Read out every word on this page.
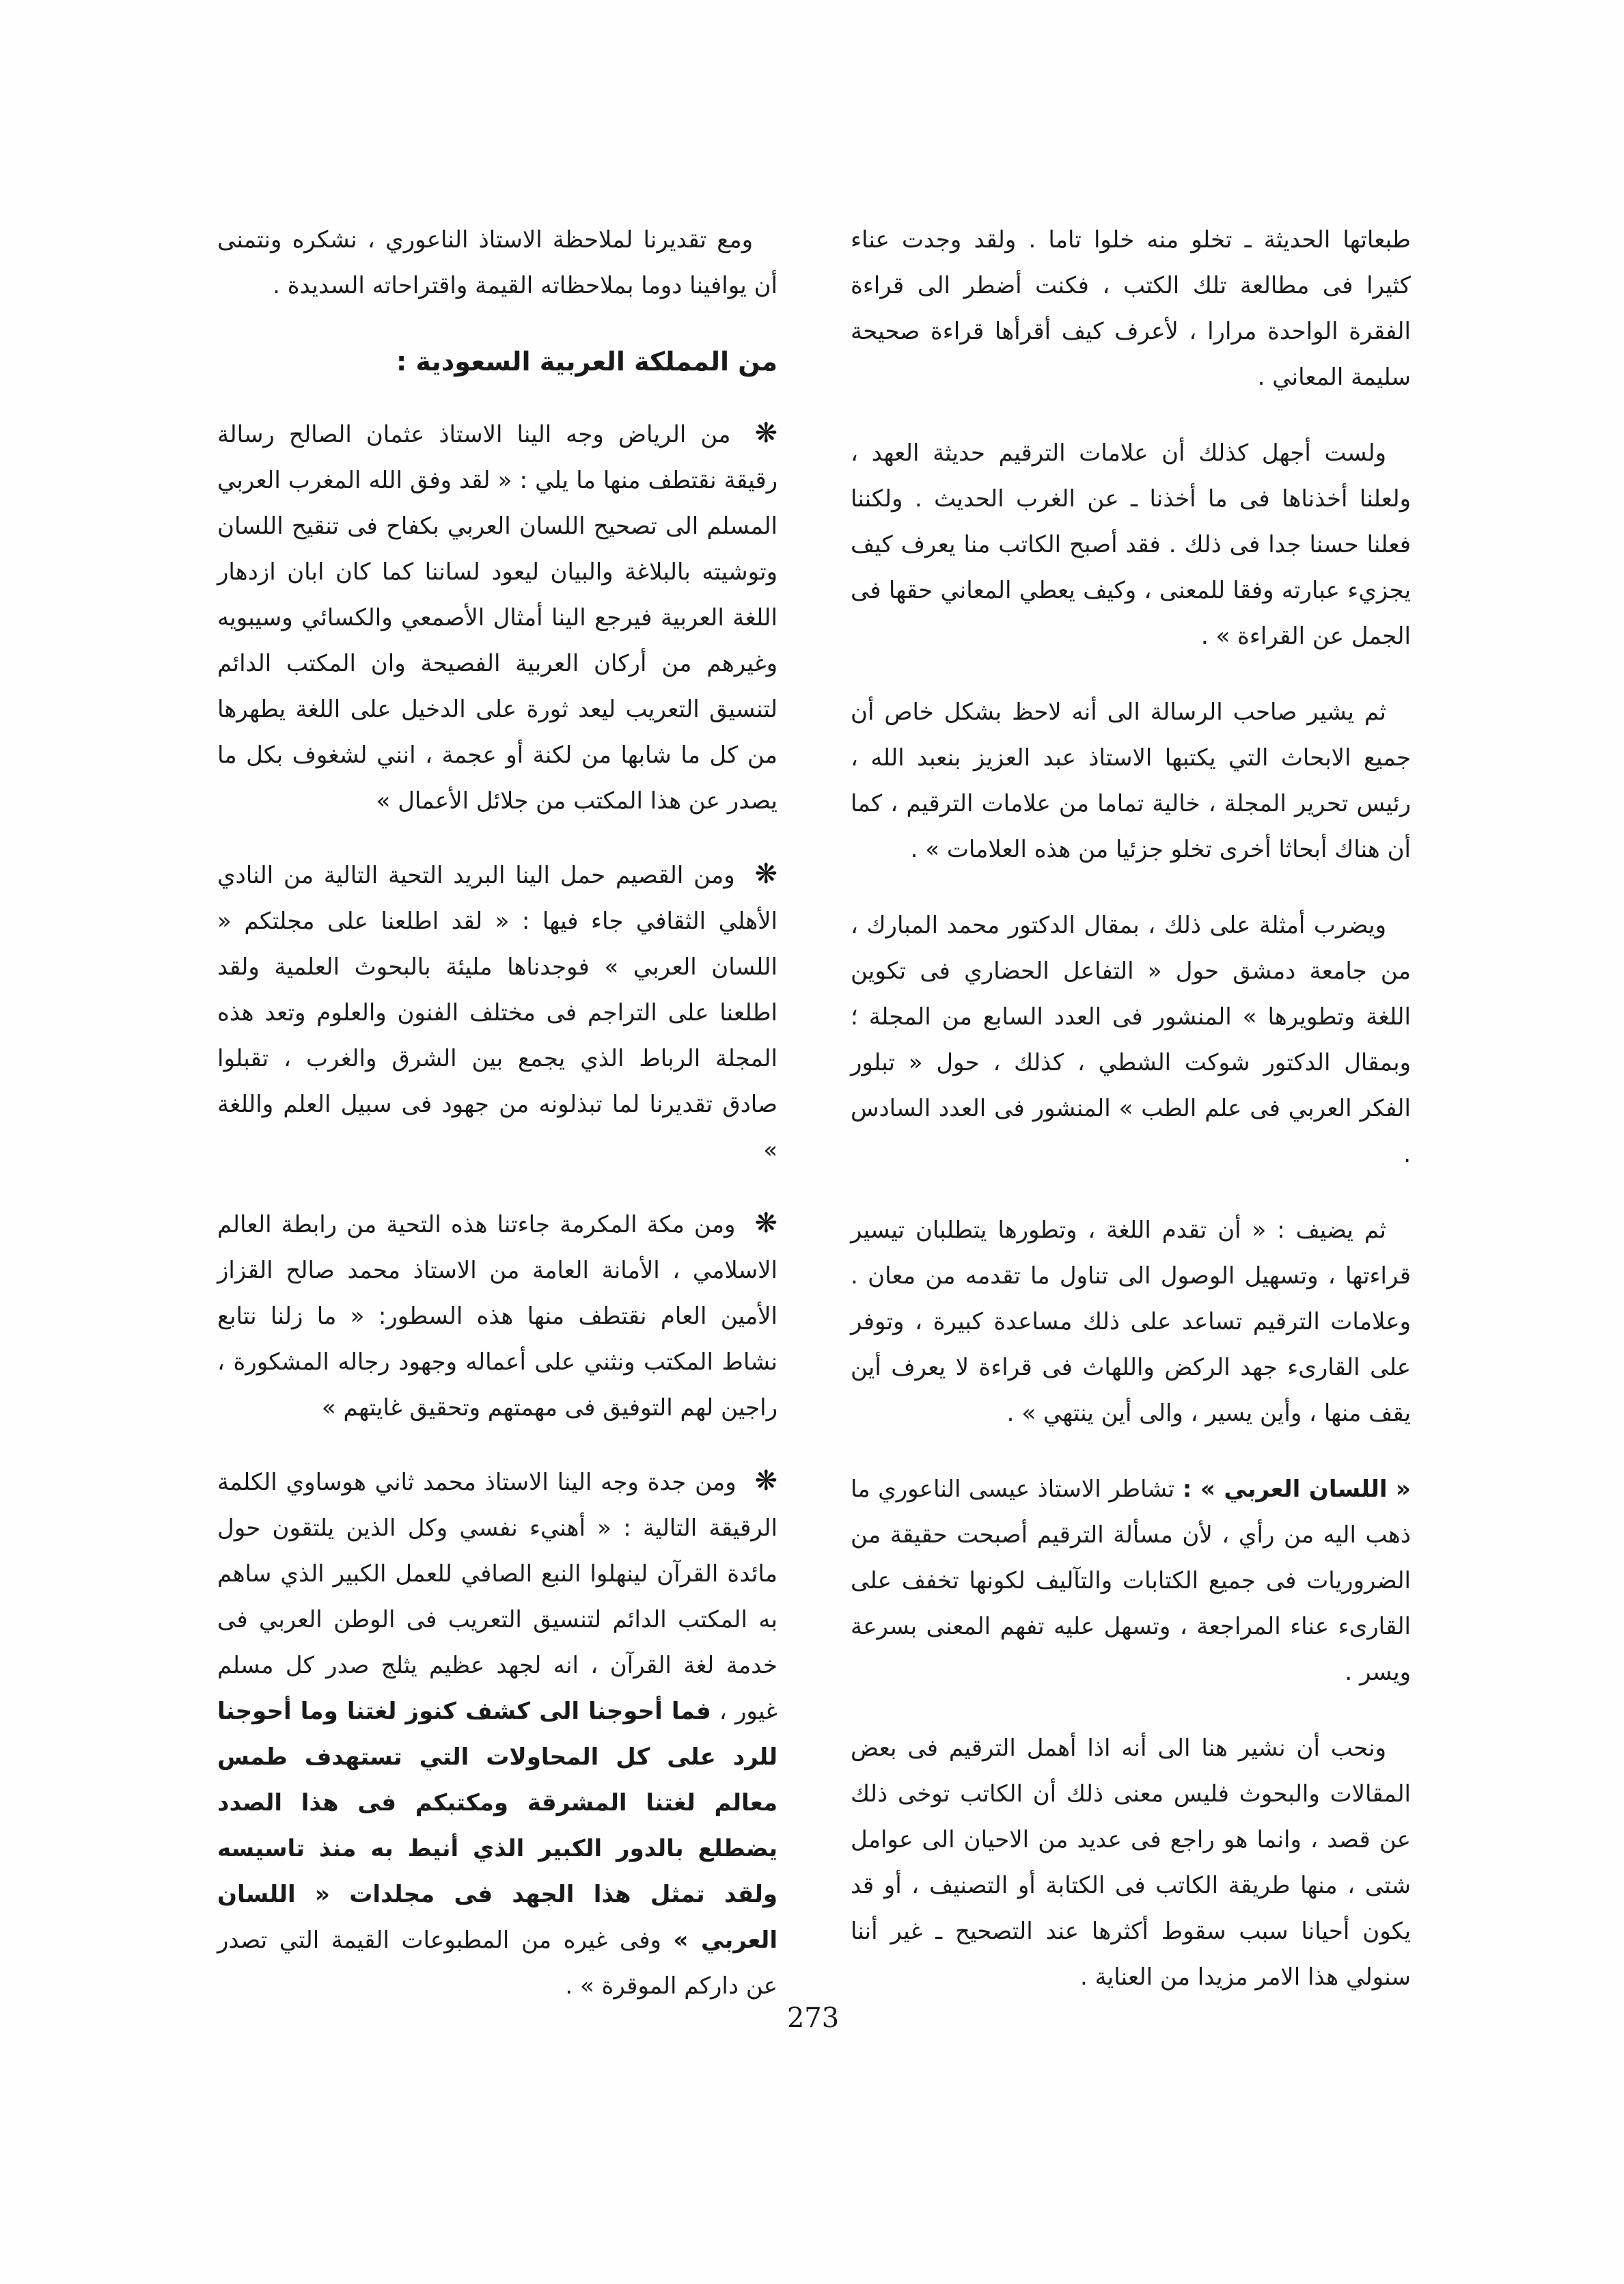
طبعاتها الحديثة ـ تخلو منه خلوا تاما . ولقد وجدت عناء كثيرا فى مطالعة تلك الكتب ، فكنت أضطر الى قراءة الفقرة الواحدة مرارا ، لأعرف كيف أقرأها قراءة صحيحة سليمة المعاني .

ولست أجهل كذلك أن علامات الترقيم حديثة العهد ، ولعلنا أخذناها فى ما أخذنا ـ عن الغرب الحديث . ولكننا فعلنا حسنا جدا فى ذلك . فقد أصبح الكاتب منا يعرف كيف يجزيء عبارته وفقا للمعنى ، وكيف يعطي المعاني حقها فى الجمل عن القراءة » .

ثم يشير صاحب الرسالة الى أنه لاحظ بشكل خاص أن جميع الابحاث التي يكتبها الاستاذ عبد العزيز بنعبد الله ، رئيس تحرير المجلة ، خالية تماما من علامات الترقيم ، كما أن هناك أبحاثا أخرى تخلو جزئيا من هذه العلامات » .

ويضرب أمثلة على ذلك ، بمقال الدكتور محمد المبارك ، من جامعة دمشق حول « التفاعل الحضاري فى تكوين اللغة وتطويرها » المنشور فى العدد السابع من المجلة ؛ وبمقال الدكتور شوكت الشطي ، كذلك ، حول « تبلور الفكر العربي فى علم الطب » المنشور فى العدد السادس .

ثم يضيف : « أن تقدم اللغة ، وتطورها يتطلبان تيسير قراءتها ، وتسهيل الوصول الى تناول ما تقدمه من معان . وعلامات الترقيم تساعد على ذلك مساعدة كبيرة ، وتوفر على القارىء جهد الركض واللهاث فى قراءة لا يعرف أين يقف منها ، وأين يسير ، والى أين ينتهي » .

« اللسان العربي » : تشاطر الاستاذ عيسى الناعوري ما ذهب اليه من رأي ، لأن مسألة الترقيم أصبحت حقيقة من الضروريات فى جميع الكتابات والتآليف لكونها تخفف على القارىء عناء المراجعة ، وتسهل عليه تفهم المعنى بسرعة ويسر .

ونحب أن نشير هنا الى أنه اذا أهمل الترقيم فى بعض المقالات والبحوث فليس معنى ذلك أن الكاتب توخى ذلك عن قصد ، وانما هو راجع فى عديد من الاحيان الى عوامل شتى ، منها طريقة الكاتب فى الكتابة أو التصنيف ، أو قد يكون أحيانا سبب سقوط أكثرها عند التصحيح ـ غير أننا سنولي هذا الامر مزيدا من العناية .

ومع تقديرنا لملاحظة الاستاذ الناعوري ، نشكره ونتمنى أن يوافينا دوما بملاحظاته القيمة واقتراحاته السديدة .

من المملكة العربية السعودية :

❋ من الرياض وجه الينا الاستاذ عثمان الصالح رسالة رقيقة نقتطف منها ما يلي : « لقد وفق الله المغرب العربي المسلم الى تصحيح اللسان العربي بكفاح فى تنقيح اللسان وتوشيته بالبلاغة والبيان ليعود لساننا كما كان ابان ازدهار اللغة العربية فيرجع الينا أمثال الأصمعي والكسائي وسيبويه وغيرهم من أركان العربية الفصيحة وان المكتب الدائم لتنسيق التعريب ليعد ثورة على الدخيل على اللغة يطهرها من كل ما شابها من لكنة أو عجمة ، انني لشغوف بكل ما يصدر عن هذا المكتب من جلائل الأعمال »

❋ ومن القصيم حمل الينا البريد التحية التالية من النادي الأهلي الثقافي جاء فيها : « لقد اطلعنا على مجلتكم « اللسان العربي » فوجدناها مليئة بالبحوث العلمية ولقد اطلعنا على التراجم فى مختلف الفنون والعلوم وتعد هذه المجلة الرباط الذي يجمع بين الشرق والغرب ، تقبلوا صادق تقديرنا لما تبذلونه من جهود فى سبيل العلم واللغة »

❋ ومن مكة المكرمة جاءتنا هذه التحية من رابطة العالم الاسلامي ، الأمانة العامة من الاستاذ محمد صالح القزاز الأمين العام نقتطف منها هذه السطور: « ما زلنا نتابع نشاط المكتب ونثني على أعماله وجهود رجاله المشكورة ، راجين لهم التوفيق فى مهمتهم وتحقيق غايتهم »

❋ ومن جدة وجه الينا الاستاذ محمد ثاني هوساوي الكلمة الرقيقة التالية : « أهنيء نفسي وكل الذين يلتقون حول مائدة القرآن لينهلوا النبع الصافي للعمل الكبير الذي ساهم به المكتب الدائم لتنسيق التعريب فى الوطن العربي فى خدمة لغة القرآن ، انه لجهد عظيم يثلج صدر كل مسلم غيور ، فما أحوجنا الى كشف كنوز لغتنا وما أحوجنا للرد على كل المحاولات التي تستهدف طمس معالم لغتنا المشرقة ومكتبكم فى هذا الصدد يضطلع بالدور الكبير الذي أنيط به منذ تاسيسه ولقد تمثل هذا الجهد فى مجلدات « اللسان العربي » وفى غيره من المطبوعات القيمة التي تصدر عن داركم الموقرة » .

273
